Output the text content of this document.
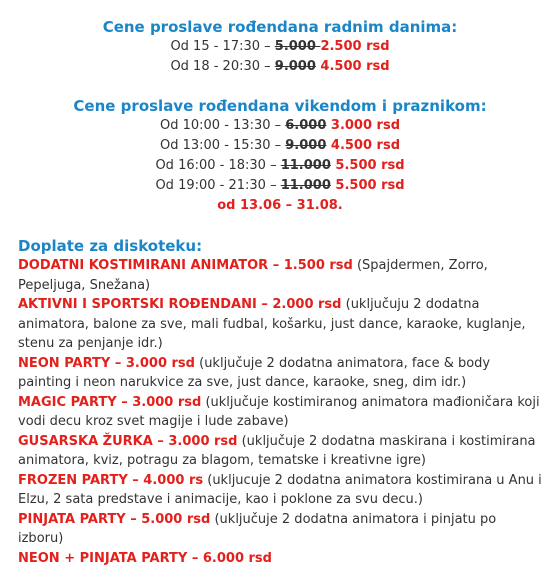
Cene proslave rođendana radnim danima:
Od 15 - 17:30 – 5.000 2.500 rsd
Od 18 - 20:30 – 9.000 4.500 rsd
Cene proslave rođendana vikendom i praznikom:
Od 10:00 - 13:30 – 6.000 3.000 rsd
Od 13:00 - 15:30 – 9.000 4.500 rsd
Od 16:00 - 18:30 – 11.000 5.500 rsd
Od 19:00 - 21:30 – 11.000 5.500 rsd
od 13.06 – 31.08.
Doplate za diskoteku:

DODATNI KOSTIMIRANI ANIMATOR – 1.500 rsd (Spajdermen, Zorro, Pepeljuga, Snežana)

AKTIVNI I SPORTSKI ROĐENDANI – 2.000 rsd (uključuju 2 dodatna animatora, balone za sve, mali fudbal, košarku, just dance, karaoke, kuglanje, stenu za penjanje idr.)

NEON PARTY – 3.000 rsd (uključuje 2 dodatna animatora, face & body painting i neon narukvice za sve, just dance, karaoke, sneg, dim idr.)

MAGIC PARTY – 3.000 rsd (uključuje kostimiranog animatora mađioničara koji vodi decu kroz svet magije i lude zabave)

GUSARSKA ŽURKA – 3.000 rsd (uključuje 2 dodatna maskirana i kostimirana animatora, kviz, potragu za blagom, tematske i kreativne igre)

FROZEN PARTY – 4.000 rs (ukljucuje 2 dodatna animatora kostimirana u Anu i Elzu, 2 sata predstave i animacije, kao i poklone za svu decu.)

PINJATA PARTY – 5.000 rsd (uključuje 2 dodatna animatora i pinjatu po izboru)

NEON + PINJATA PARTY – 6.000 rsd
